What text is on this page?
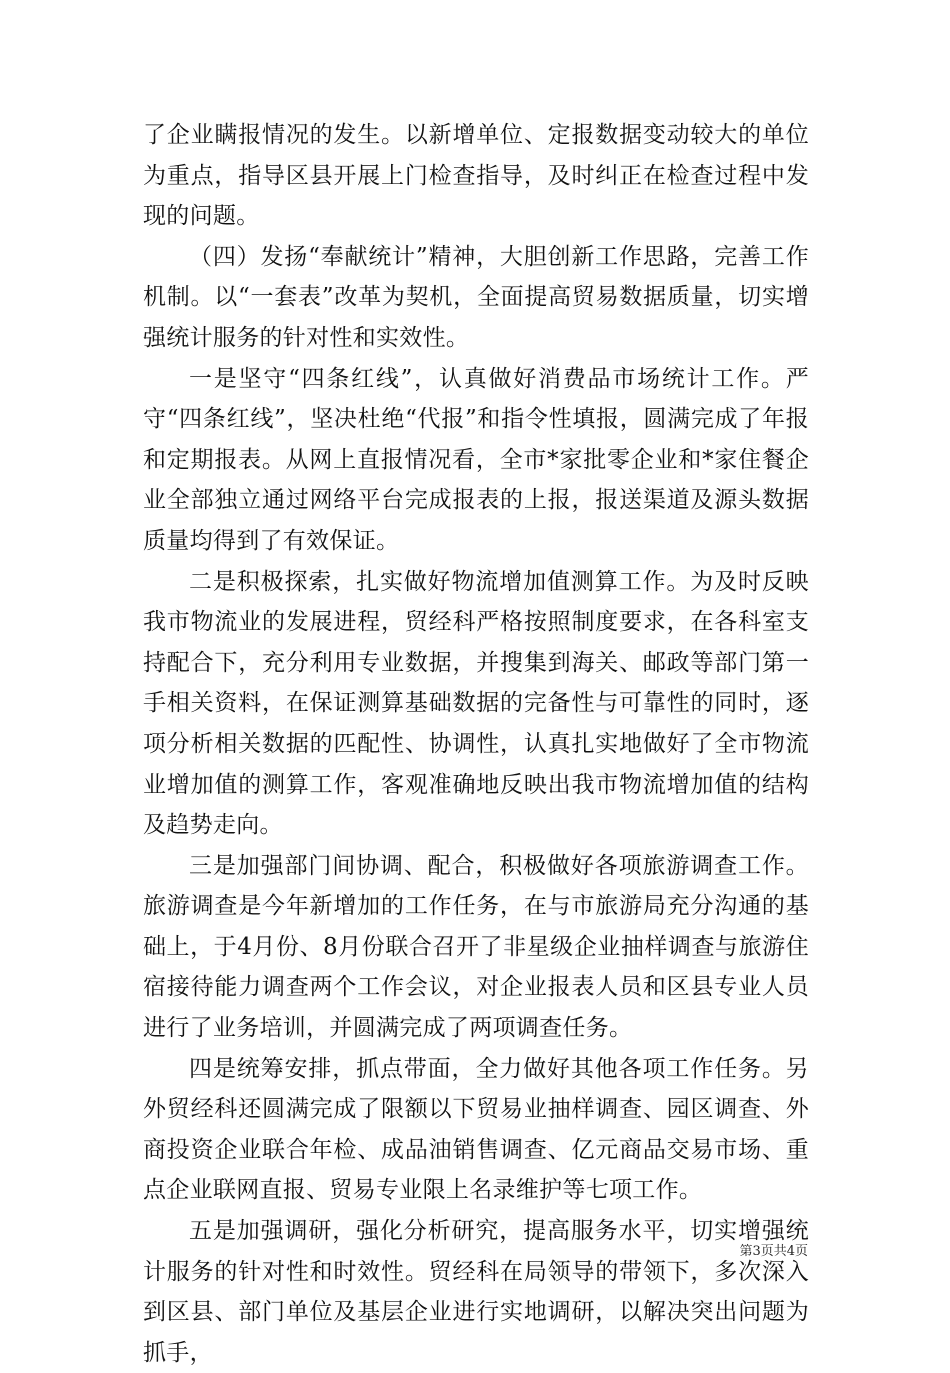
了企业瞒报情况的发生。以新增单位、定报数据变动较大的单位为重点，指导区县开展上门检查指导，及时纠正在检查过程中发现的问题。

（四）发扬“奉献统计”精神，大胆创新工作思路，完善工作机制。以“一套表”改革为契机，全面提高贸易数据质量，切实增强统计服务的针对性和实效性。

一是坚守“四条红线”，认真做好消费品市场统计工作。严守“四条红线”，坚决杜绝“代报”和指令性填报，圆满完成了年报和定期报表。从网上直报情况看，全市*家批零企业和*家住餐企业全部独立通过网络平台完成报表的上报，报送渠道及源头数据质量均得到了有效保证。

二是积极探索，扎实做好物流增加值测算工作。为及时反映我市物流业的发展进程，贸经科严格按照制度要求，在各科室支持配合下，充分利用专业数据，并搜集到海关、邮政等部门第一手相关资料，在保证测算基础数据的完备性与可靠性的同时，逐项分析相关数据的匹配性、协调性，认真扎实地做好了全市物流业增加值的测算工作，客观准确地反映出我市物流增加值的结构及趋势走向。

三是加强部门间协调、配合，积极做好各项旅游调查工作。旅游调查是今年新增加的工作任务，在与市旅游局充分沟通的基础上，于4月份、8月份联合召开了非星级企业抽样调查与旅游住宿接待能力调查两个工作会议，对企业报表人员和区县专业人员进行了业务培训，并圆满完成了两项调查任务。

四是统筹安排，抓点带面，全力做好其他各项工作任务。另外贸经科还圆满完成了限额以下贸易业抽样调查、园区调查、外商投资企业联合年检、成品油销售调查、亿元商品交易市场、重点企业联网直报、贸易专业限上名录维护等七项工作。

五是加强调研，强化分析研究，提高服务水平，切实增强统计服务的针对性和时效性。贸经科在局领导的带领下，多次深入到区县、部门单位及基层企业进行实地调研，以解决突出问题为抓手，

第3页共4页
